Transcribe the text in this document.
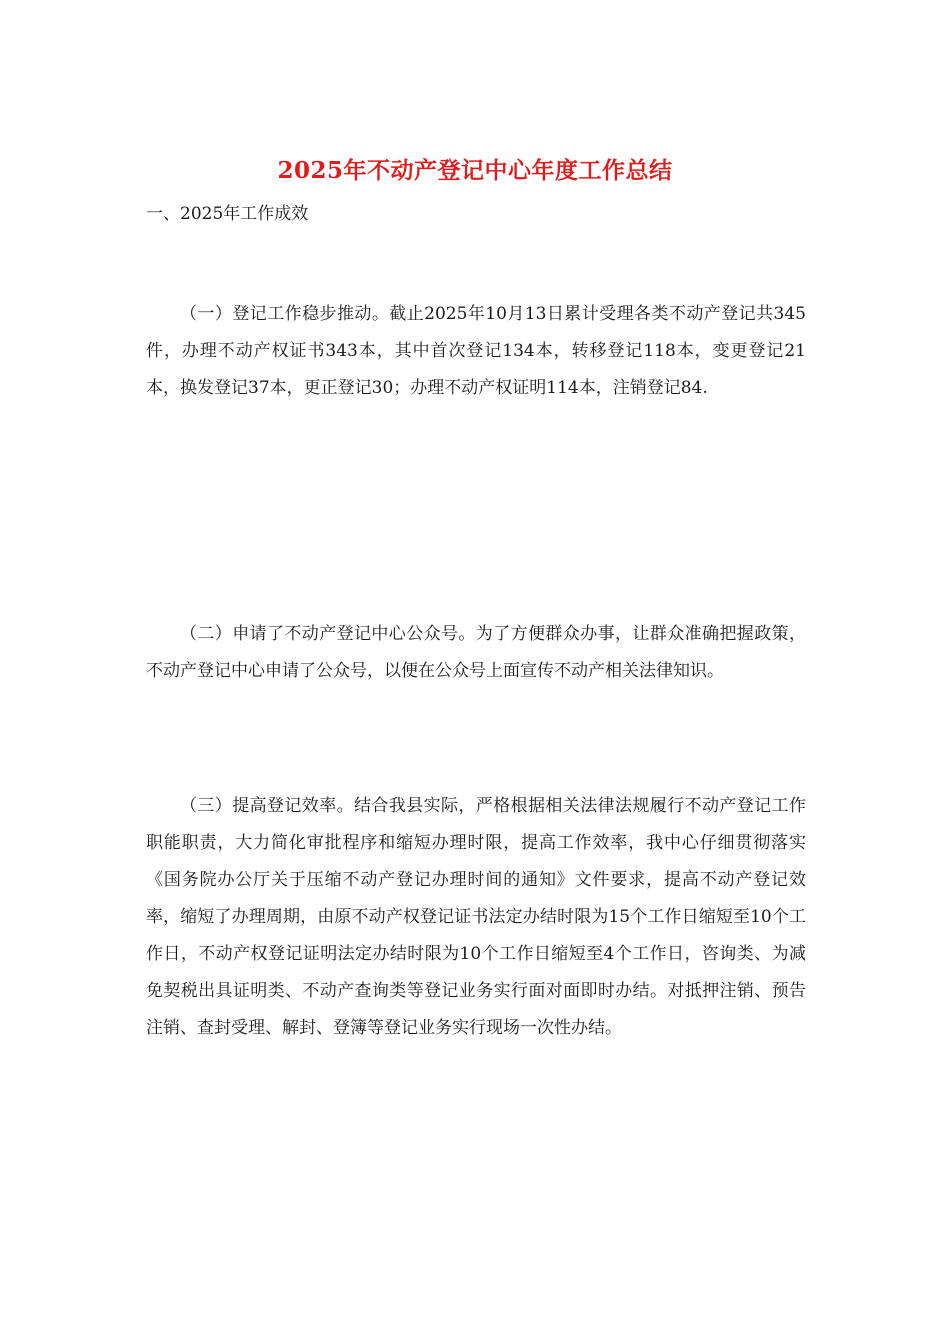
2025年不动产登记中心年度工作总结
一、2025年工作成效

（一）登记工作稳步推动。截止2025年10月13日累计受理各类不动产登记共345件，办理不动产权证书343本，其中首次登记134本，转移登记118本，变更登记21本，换发登记37本，更正登记30；办理不动产权证明114本，注销登记84.

（二）申请了不动产登记中心公众号。为了方便群众办事，让群众准确把握政策，不动产登记中心申请了公众号，以便在公众号上面宣传不动产相关法律知识。

（三）提高登记效率。结合我县实际，严格根据相关法律法规履行不动产登记工作职能职责，大力简化审批程序和缩短办理时限，提高工作效率，我中心仔细贯彻落实《国务院办公厅关于压缩不动产登记办理时间的通知》文件要求，提高不动产登记效率，缩短了办理周期，由原不动产权登记证书法定办结时限为15个工作日缩短至10个工作日，不动产权登记证明法定办结时限为10个工作日缩短至4个工作日，咨询类、为减免契税出具证明类、不动产查询类等登记业务实行面对面即时办结。对抵押注销、预告注销、查封受理、解封、登簿等登记业务实行现场一次性办结。
